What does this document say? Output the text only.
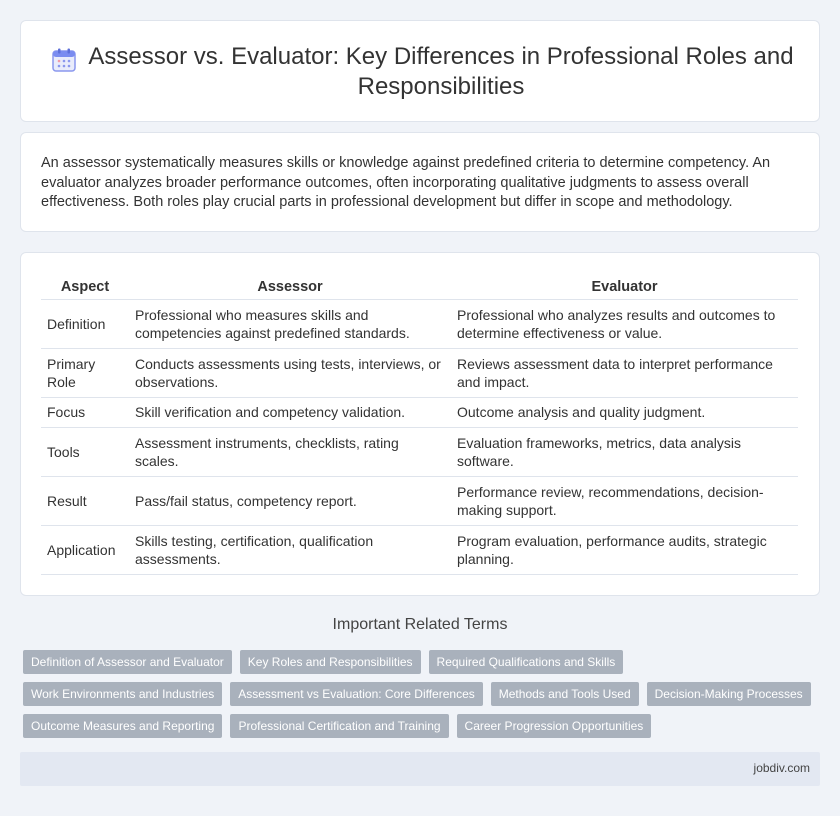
Assessor vs. Evaluator: Key Differences in Professional Roles and Responsibilities

An assessor systematically measures skills or knowledge against predefined criteria to determine competency. An evaluator analyzes broader performance outcomes, often incorporating qualitative judgments to assess overall effectiveness. Both roles play crucial parts in professional development but differ in scope and methodology.

Aspect	Assessor	Evaluator
Definition	Professional who measures skills and competencies against predefined standards.	Professional who analyzes results and outcomes to determine effectiveness or value.
Primary Role	Conducts assessments using tests, interviews, or observations.	Reviews assessment data to interpret performance and impact.
Focus	Skill verification and competency validation.	Outcome analysis and quality judgment.
Tools	Assessment instruments, checklists, rating scales.	Evaluation frameworks, metrics, data analysis software.
Result	Pass/fail status, competency report.	Performance review, recommendations, decision-making support.
Application	Skills testing, certification, qualification assessments.	Program evaluation, performance audits, strategic planning.
Important Related Terms
Definition of Assessor and Evaluator	Key Roles and Responsibilities	Required Qualifications and Skills
Work Environments and Industries	Assessment vs Evaluation: Core Differences	Methods and Tools Used	Decision-Making Processes
Outcome Measures and Reporting	Professional Certification and Training	Career Progression Opportunities
jobdiv.com
